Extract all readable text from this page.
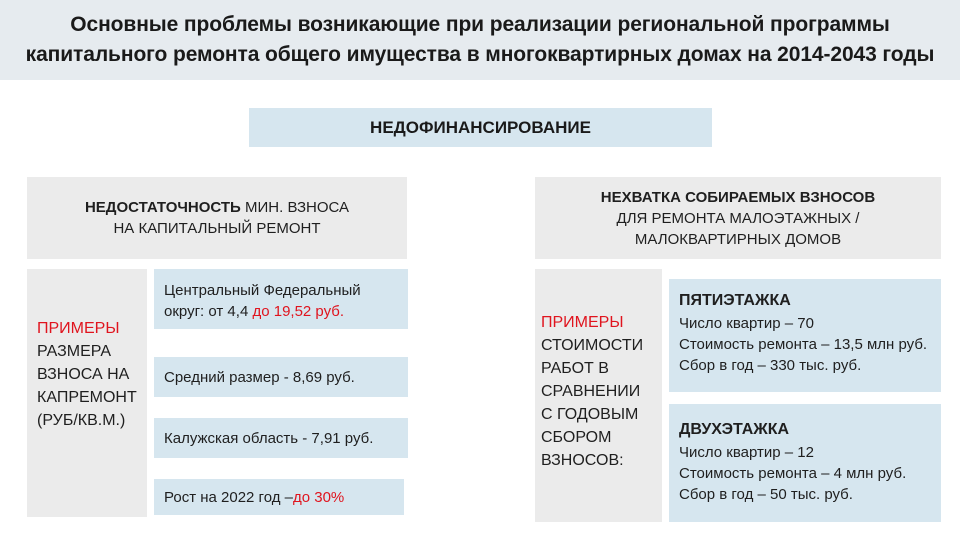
Основные проблемы возникающие при реализации региональной программы
капитального ремонта общего имущества в многоквартирных домах на 2014-2043 годы
НЕДОФИНАНСИРОВАНИЕ
НЕДОСТАТОЧНОСТЬ МИН. ВЗНОСА
НА КАПИТАЛЬНЫЙ РЕМОНТ
ПРИМЕРЫ
РАЗМЕРА
ВЗНОСА НА
КАПРЕМОНТ
(РУБ/КВ.М.)
Центральный Федеральный
округ: от 4,4 до 19,52 руб.
Средний размер - 8,69 руб.
Калужская область - 7,91 руб.
Рост на 2022 год – до 30%
НЕХВАТКА СОБИРАЕМЫХ ВЗНОСОВ
ДЛЯ РЕМОНТА МАЛОЭТАЖНЫХ /
МАЛОКВАРТИРНЫХ ДОМОВ
ПРИМЕРЫ
СТОИМОСТИ
РАБОТ В
СРАВНЕНИИ
С ГОДОВЫМ
СБОРОМ
ВЗНОСОВ:
ПЯТИЭТАЖКА
Число квартир – 70
Стоимость ремонта – 13,5 млн руб.
Сбор в год – 330 тыс. руб.
ДВУХЭТАЖКА
Число квартир – 12
Стоимость ремонта – 4 млн руб.
Сбор в год – 50 тыс. руб.
